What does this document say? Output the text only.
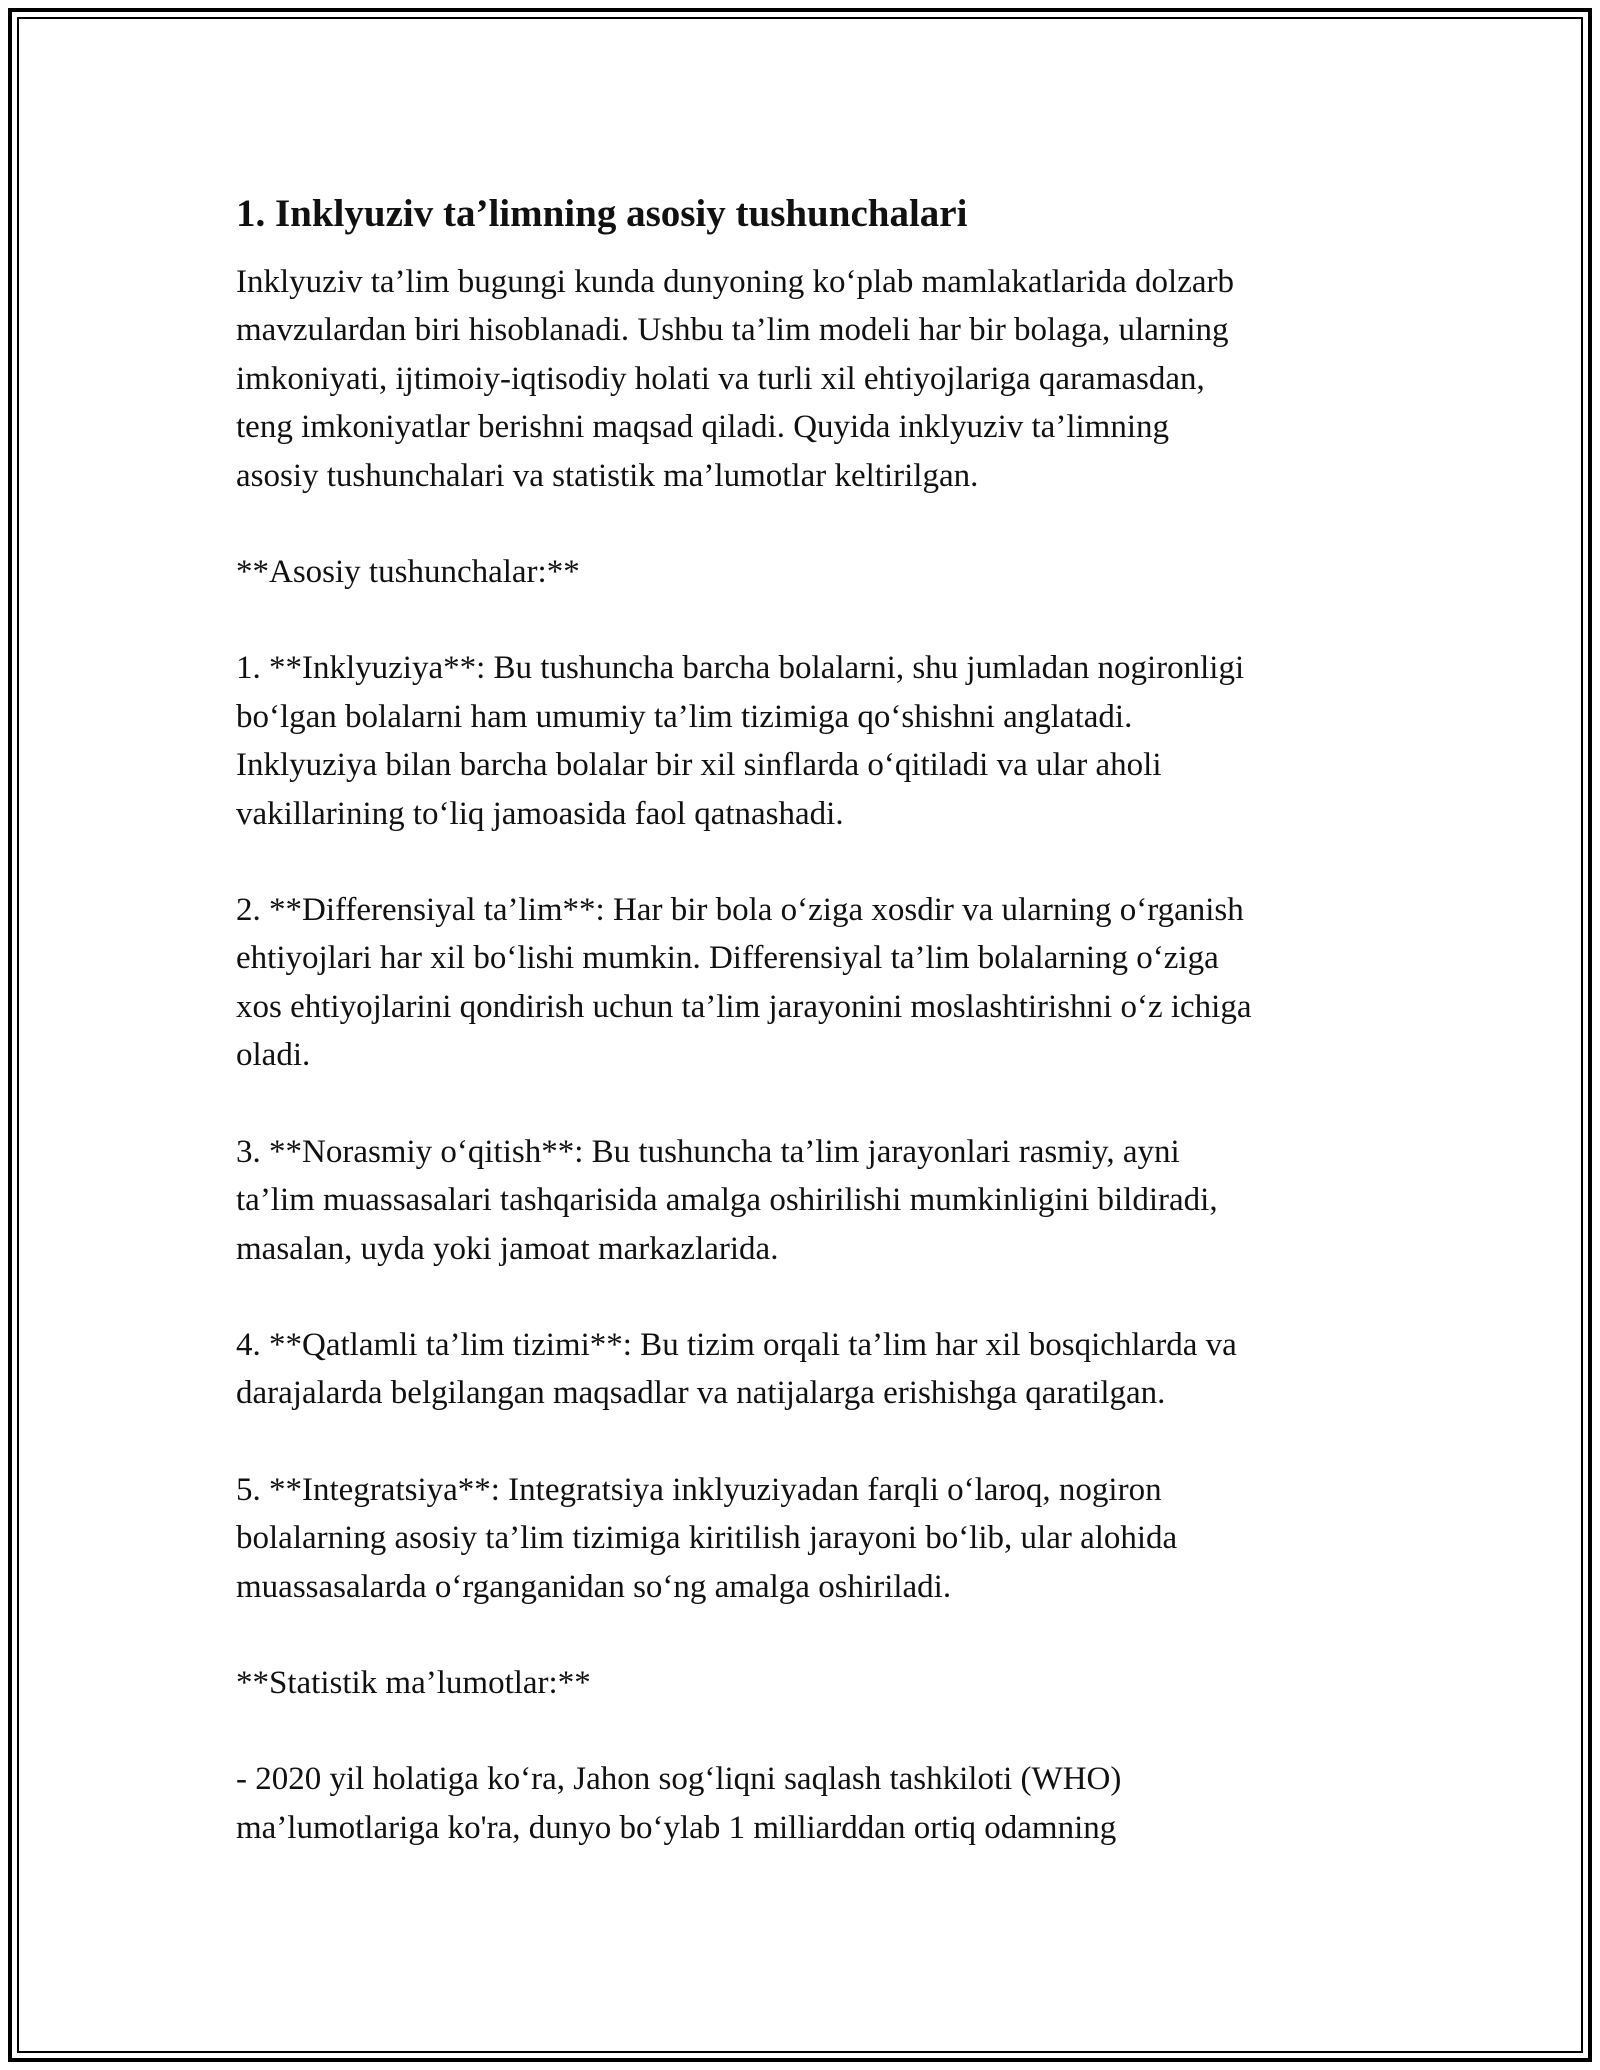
1. Inklyuziv ta’limning asosiy tushunchalari

Inklyuziv ta’lim bugungi kunda dunyoning ko‘plab mamlakatlarida dolzarb
mavzulardan biri hisoblanadi. Ushbu ta’lim modeli har bir bolaga, ularning
imkoniyati, ijtimoiy-iqtisodiy holati va turli xil ehtiyojlariga qaramasdan,
teng imkoniyatlar berishni maqsad qiladi. Quyida inklyuziv ta’limning
asosiy tushunchalari va statistik ma’lumotlar keltirilgan.

**Asosiy tushunchalar:**

1. **Inklyuziya**: Bu tushuncha barcha bolalarni, shu jumladan nogironligi
bo‘lgan bolalarni ham umumiy ta’lim tizimiga qo‘shishni anglatadi.
Inklyuziya bilan barcha bolalar bir xil sinflarda o‘qitiladi va ular aholi
vakillarining to‘liq jamoasida faol qatnashadi.

2. **Differensiyal ta’lim**: Har bir bola o‘ziga xosdir va ularning o‘rganish
ehtiyojlari har xil bo‘lishi mumkin. Differensiyal ta’lim bolalarning o‘ziga
xos ehtiyojlarini qondirish uchun ta’lim jarayonini moslashtirishni o‘z ichiga
oladi.

3. **Norasmiy o‘qitish**: Bu tushuncha ta’lim jarayonlari rasmiy, ayni
ta’lim muassasalari tashqarisida amalga oshirilishi mumkinligini bildiradi,
masalan, uyda yoki jamoat markazlarida.

4. **Qatlamli ta’lim tizimi**: Bu tizim orqali ta’lim har xil bosqichlarda va
darajalarda belgilangan maqsadlar va natijalarga erishishga qaratilgan.

5. **Integratsiya**: Integratsiya inklyuziyadan farqli o‘laroq, nogiron
bolalarning asosiy ta’lim tizimiga kiritilish jarayoni bo‘lib, ular alohida
muassasalarda o‘rganganidan so‘ng amalga oshiriladi.

**Statistik ma’lumotlar:**

- 2020 yil holatiga ko‘ra, Jahon sog‘liqni saqlash tashkiloti (WHO)
ma’lumotlariga ko'ra, dunyo bo‘ylab 1 milliarddan ortiq odamning
